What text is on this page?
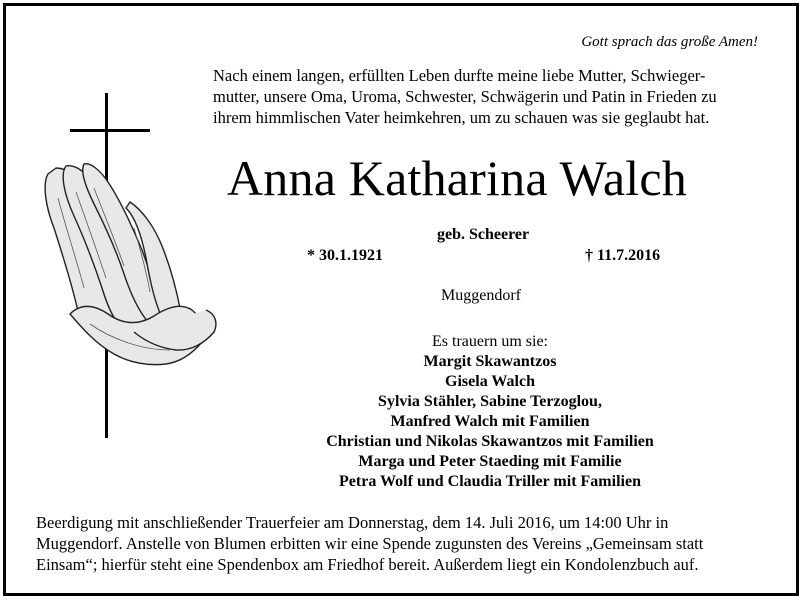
Gott sprach das große Amen!
Nach einem langen, erfüllten Leben durfte meine liebe Mutter, Schwieger-
mutter, unsere Oma, Uroma, Schwester, Schwägerin und Patin in Frieden zu
ihrem himmlischen Vater heimkehren, um zu schauen was sie geglaubt hat.
Anna Katharina Walch
geb. Scheerer
* 30.1.1921	† 11.7.2016
Muggendorf
Es trauern um sie:
Margit Skawantzos
Gisela Walch
Sylvia Stähler, Sabine Terzoglou,
Manfred Walch mit Familien
Christian und Nikolas Skawantzos mit Familien
Marga und Peter Staeding mit Familie
Petra Wolf und Claudia Triller mit Familien
Beerdigung mit anschließender Trauerfeier am Donnerstag, dem 14. Juli 2016, um 14:00 Uhr in
Muggendorf. Anstelle von Blumen erbitten wir eine Spende zugunsten des Vereins „Gemeinsam statt
Einsam“; hierfür steht eine Spendenbox am Friedhof bereit. Außerdem liegt ein Kondolenzbuch auf.
